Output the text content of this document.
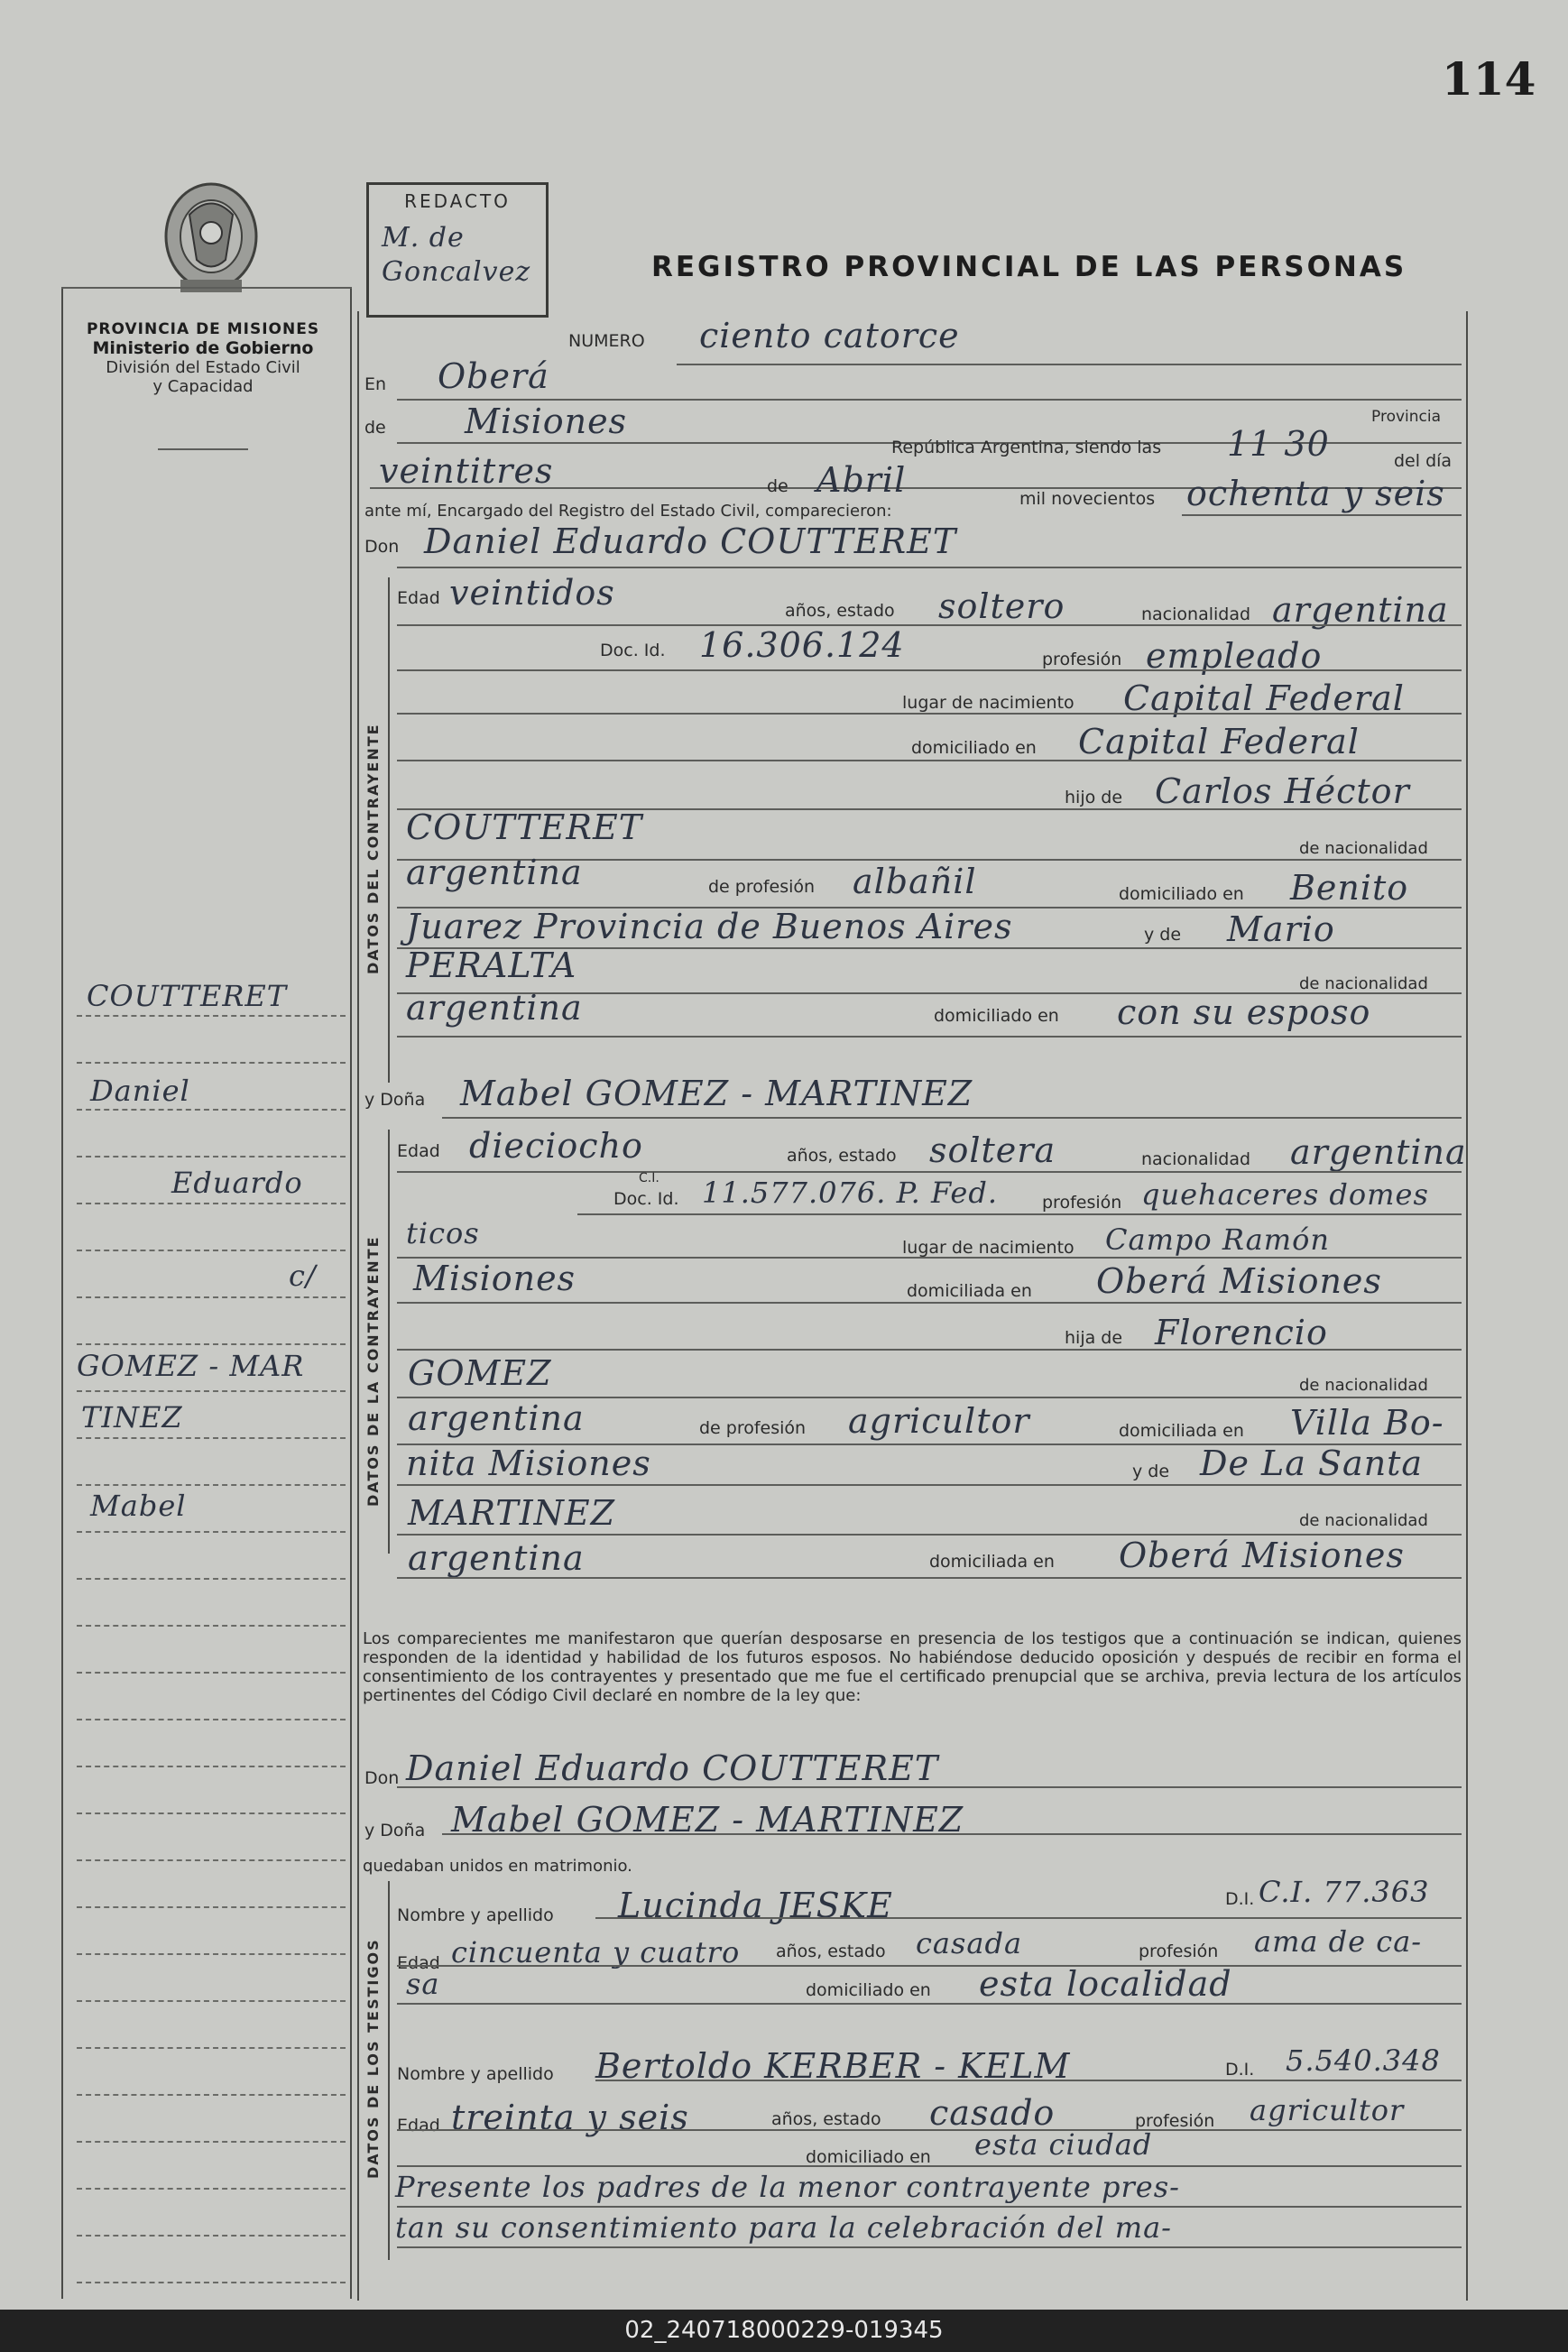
114
PROVINCIA DE MISIONES
Ministerio de Gobierno
División del Estado Civil
y Capacidad
COUTTERET
Daniel
Eduardo
c/
GOMEZ - MAR
TINEZ
Mabel
REDACTO
M. de Goncalvez	REGISTRO PROVINCIAL DE LAS PERSONAS
NUMERO ciento catorce
En Oberá
Provincia
de Misiones
República Argentina, siendo las 11 30	del día
veintitres	de Abril	mil novecientos ochenta y seis
ante mí, Encargado del Registro del Estado Civil, comparecieron:
Don Daniel Eduardo COUTTERET
DATOS DEL CONTRAYENTE
Edad veintidos	años, estado soltero	nacionalidad argentina
Doc. Id. 16.306.124	profesión empleado
lugar de nacimiento Capital Federal
domiciliado en Capital Federal
hijo de Carlos Héctor
COUTTERET
de nacionalidad
argentina	de profesión albañil	domiciliado en Benito
Juarez Provincia de Buenos Aires	y de Mario
PERALTA	de nacionalidad
argentina	domiciliado en con su esposo
y Doña Mabel GOMEZ - MARTINEZ
DATOS DE LA CONTRAYENTE
Edad dieciocho	años, estado soltera	nacionalidad argentina
Doc. Id.
C.I. 11.577.076. P. Fed.	profesión quehaceres domes
ticos	lugar de nacimiento Campo Ramón
Misiones	domiciliada en Oberá Misiones
hija de Florencio
GOMEZ	de nacionalidad
argentina	de profesión agricultor	domiciliada en Villa Bo-
nita Misiones	y de De La Santa
MARTINEZ	de nacionalidad
argentina	domiciliada en Oberá Misiones
Los comparecientes me manifestaron que querían desposarse en presencia de los testigos que a continuación se indican, quienes responden de la identidad y habilidad de los futuros esposos. No habiéndose deducido oposición y después de recibir en forma el consentimiento de los contrayentes y presentado que me fue el certificado prenupcial que se archiva, previa lectura de los artículos pertinentes del Código Civil declaré en nombre de la ley que:
Don Daniel Eduardo COUTTERET
y Doña Mabel GOMEZ - MARTINEZ
quedaban unidos en matrimonio.
DATOS DE LOS TESTIGOS
Nombre y apellido Lucinda JESKE	D.I. C.I. 77.363
Edad cincuenta y cuatro años, estado casada	profesión ama de ca-
sa	domiciliado en esta localidad
Nombre y apellido Bertoldo KERBER - KELM	D.I. 5.540.348
Edad treinta y seis	años, estado casado	profesión agricultor
domiciliado en esta ciudad
Presente los padres de la menor contrayente pres-
tan su consentimiento para la celebración del ma-
02_240718000229-019345
